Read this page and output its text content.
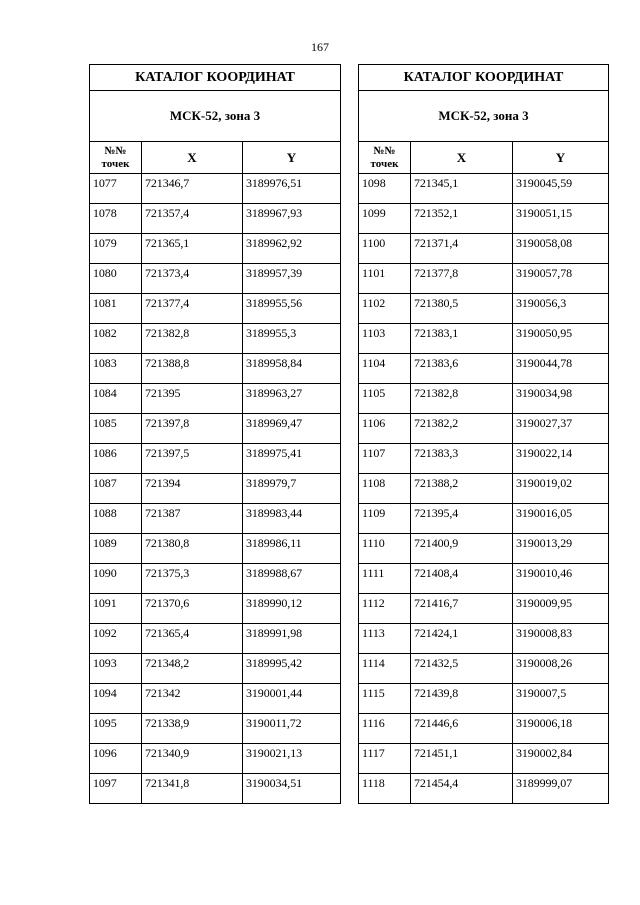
167
КАТАЛОГ КООРДИНАТ		
МСК-52, зона 3		

№№
точек	X	Y
1077	721346,7	3189976,51
1078	721357,4	3189967,93
1079	721365,1	3189962,92
1080	721373,4	3189957,39
1081	721377,4	3189955,56
1082	721382,8	3189955,3
1083	721388,8	3189958,84
1084	721395	3189963,27
1085	721397,8	3189969,47
1086	721397,5	3189975,41
1087	721394	3189979,7
1088	721387	3189983,44
1089	721380,8	3189986,11
1090	721375,3	3189988,67
1091	721370,6	3189990,12
1092	721365,4	3189991,98
1093	721348,2	3189995,42
1094	721342	3190001,44
1095	721338,9	3190011,72
1096	721340,9	3190021,13
1097	721341,8	3190034,51
КАТАЛОГ КООРДИНАТ		
МСК-52, зона 3		

№№
точек	X	Y
1098	721345,1	3190045,59
1099	721352,1	3190051,15
1100	721371,4	3190058,08
1101	721377,8	3190057,78
1102	721380,5	3190056,3
1103	721383,1	3190050,95
1104	721383,6	3190044,78
1105	721382,8	3190034,98
1106	721382,2	3190027,37
1107	721383,3	3190022,14
1108	721388,2	3190019,02
1109	721395,4	3190016,05
1110	721400,9	3190013,29
1111	721408,4	3190010,46
1112	721416,7	3190009,95
1113	721424,1	3190008,83
1114	721432,5	3190008,26
1115	721439,8	3190007,5
1116	721446,6	3190006,18
1117	721451,1	3190002,84
1118	721454,4	3189999,07
